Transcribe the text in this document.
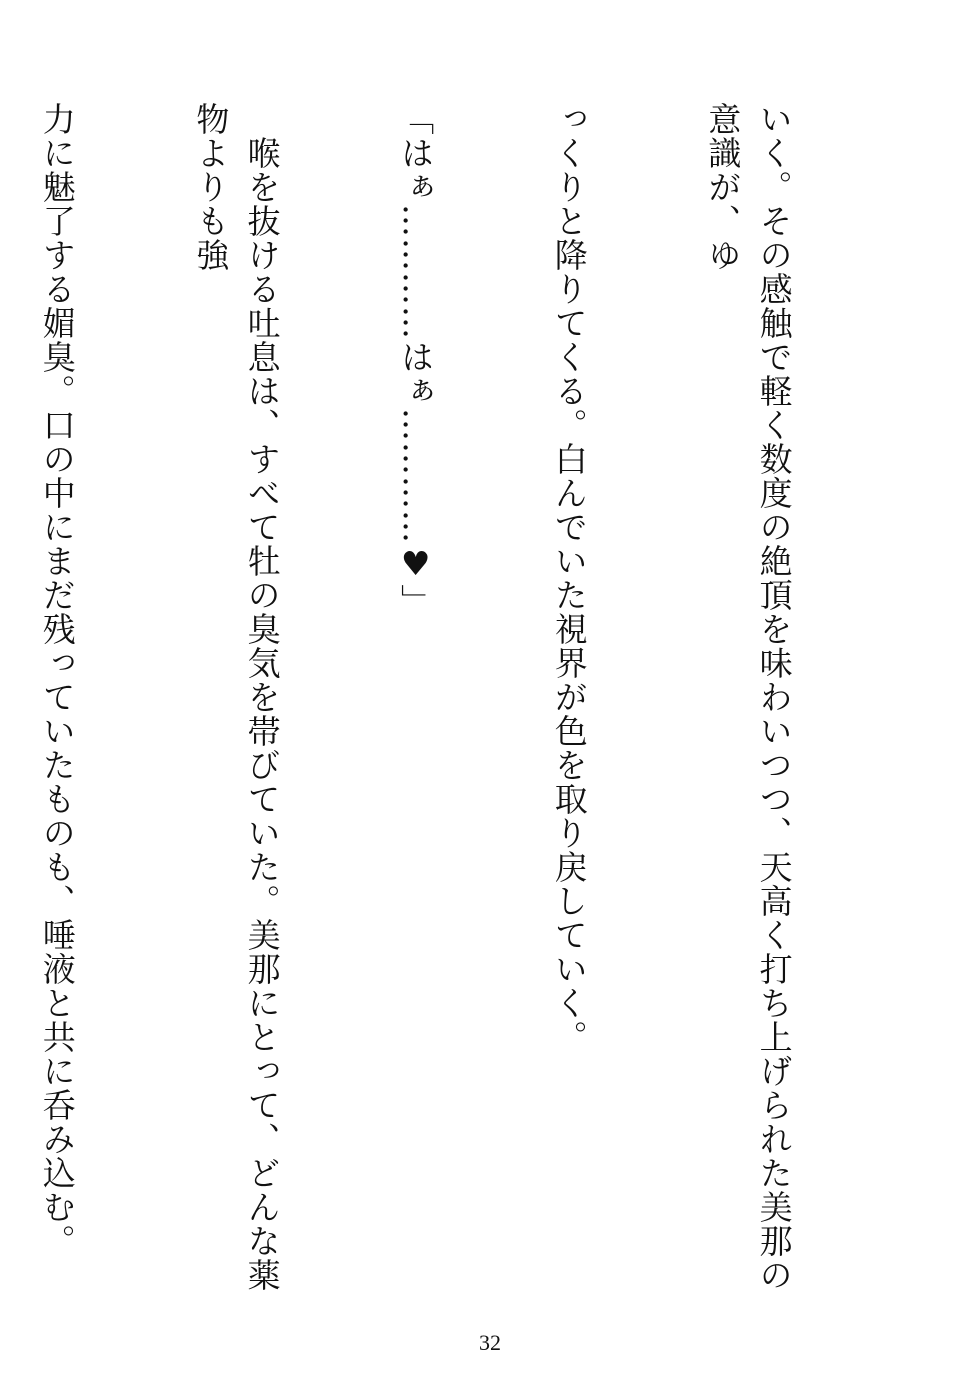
いく。その感触で軽く数度の絶頂を味わいつつ、天高く打ち上げられた美那の意識が、ゆ

っくりと降りてくる。白んでいた視界が色を取り戻していく。

「はぁ…………はぁ…………♥」

　喉を抜ける吐息は、すべて牡の臭気を帯びていた。美那にとって、どんな薬物よりも強

力に魅了する媚臭。口の中にまだ残っていたものも、唾液と共に呑み込む。

32
